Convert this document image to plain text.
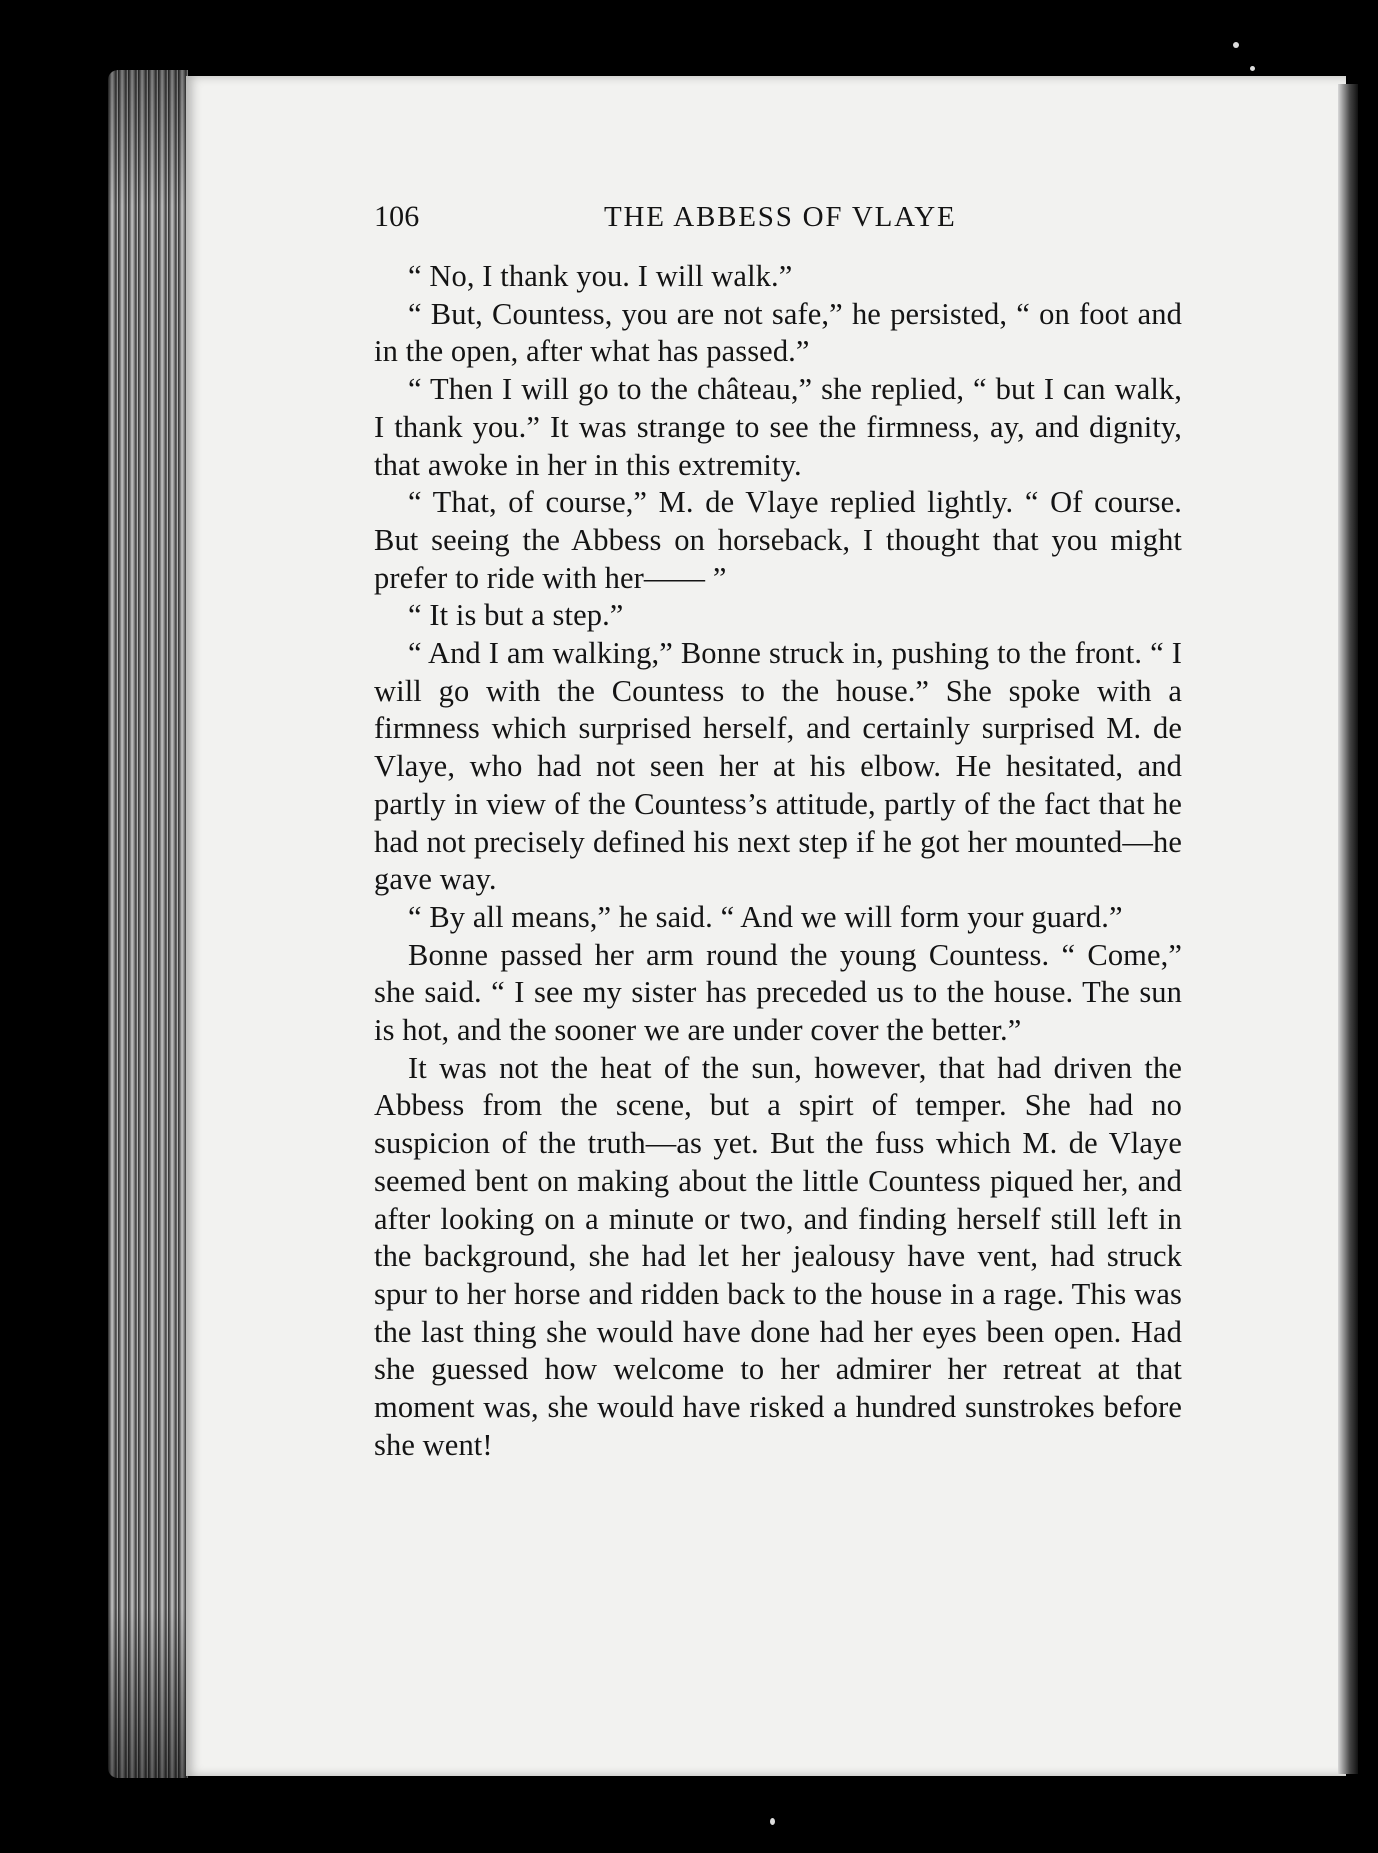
106	THE ABBESS OF VLAYE

“ No, I thank you. I will walk.”

“ But, Countess, you are not safe,” he persisted, “ on foot and in the open, after what has passed.”

“ Then I will go to the château,” she replied, “ but I can walk, I thank you.” It was strange to see the firmness, ay, and dignity, that awoke in her in this extremity.

“ That, of course,” M. de Vlaye replied lightly. “ Of course. But seeing the Abbess on horseback, I thought that you might prefer to ride with her—— ”

“ It is but a step.”

“ And I am walking,” Bonne struck in, pushing to the front. “ I will go with the Countess to the house.” She spoke with a firmness which surprised herself, and certainly surprised M. de Vlaye, who had not seen her at his elbow. He hesitated, and partly in view of the Countess’s attitude, partly of the fact that he had not precisely defined his next step if he got her mounted—he gave way.

“ By all means,” he said. “ And we will form your guard.”

Bonne passed her arm round the young Countess. “ Come,” she said. “ I see my sister has preceded us to the house. The sun is hot, and the sooner we are under cover the better.”

It was not the heat of the sun, however, that had driven the Abbess from the scene, but a spirt of temper. She had no suspicion of the truth—as yet. But the fuss which M. de Vlaye seemed bent on making about the little Countess piqued her, and after looking on a minute or two, and finding herself still left in the background, she had let her jealousy have vent, had struck spur to her horse and ridden back to the house in a rage. This was the last thing she would have done had her eyes been open. Had she guessed how welcome to her admirer her retreat at that moment was, she would have risked a hundred sunstrokes before she went!
